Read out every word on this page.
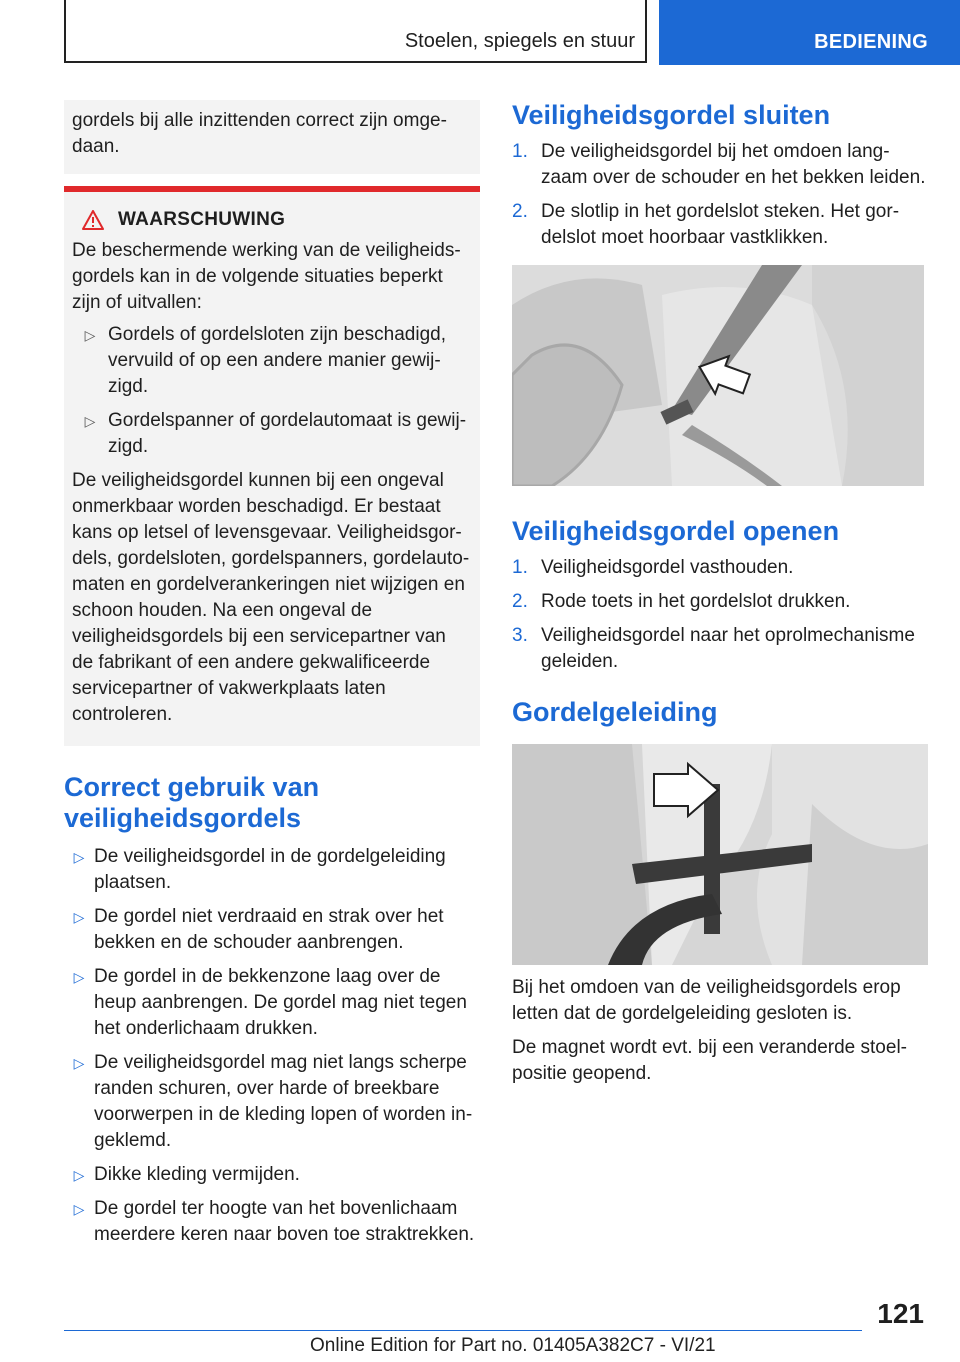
Stoelen, spiegels en stuur	BEDIENING

gordels bij alle inzittenden correct zijn omgedaan.

WAARSCHUWING

De beschermende werking van de veiligheidsgordels kan in de volgende situaties beperkt zijn of uitvallen:

▷ Gordels of gordelsloten zijn beschadigd, vervuild of op een andere manier gewijzigd.
▷ Gordelspanner of gordelautomaat is gewijzigd.

De veiligheidsgordel kunnen bij een ongeval onmerkbaar worden beschadigd. Er bestaat kans op letsel of levensgevaar. Veiligheidsgordels, gordelsloten, gordelspanners, gordelautomaten en gordelverankeringen niet wijzigen en schoon houden. Na een ongeval de veiligheidsgordels bij een servicepartner van de fabrikant of een andere gekwalificeerde servicepartner of vakwerkplaats laten controleren.

Correct gebruik van veiligheidsgordels
▷ De veiligheidsgordel in de gordelgeleiding plaatsen.
▷ De gordel niet verdraaid en strak over het bekken en de schouder aanbrengen.
▷ De gordel in de bekkenzone laag over de heup aanbrengen. De gordel mag niet tegen het onderlichaam drukken.
▷ De veiligheidsgordel mag niet langs scherpe randen schuren, over harde of breekbare voorwerpen in de kleding lopen of worden ingeklemd.
▷ Dikke kleding vermijden.
▷ De gordel ter hoogte van het bovenlichaam meerdere keren naar boven toe straktrekken.
Veiligheidsgordel sluiten
1. De veiligheidsgordel bij het omdoen langzaam over de schouder en het bekken leiden.
2. De slotlip in het gordelslot steken. Het gordelslot moet hoorbaar vastklikken.
Veiligheidsgordel openen
1. Veiligheidsgordel vasthouden.
2. Rode toets in het gordelslot drukken.
3. Veiligheidsgordel naar het oprolmechanisme geleiden.
Gordelgeleiding

Bij het omdoen van de veiligheidsgordels erop letten dat de gordelgeleiding gesloten is.

De magnet wordt evt. bij een veranderde stoelpositie geopend.

121
Online Edition for Part no. 01405A382C7 - VI/21
